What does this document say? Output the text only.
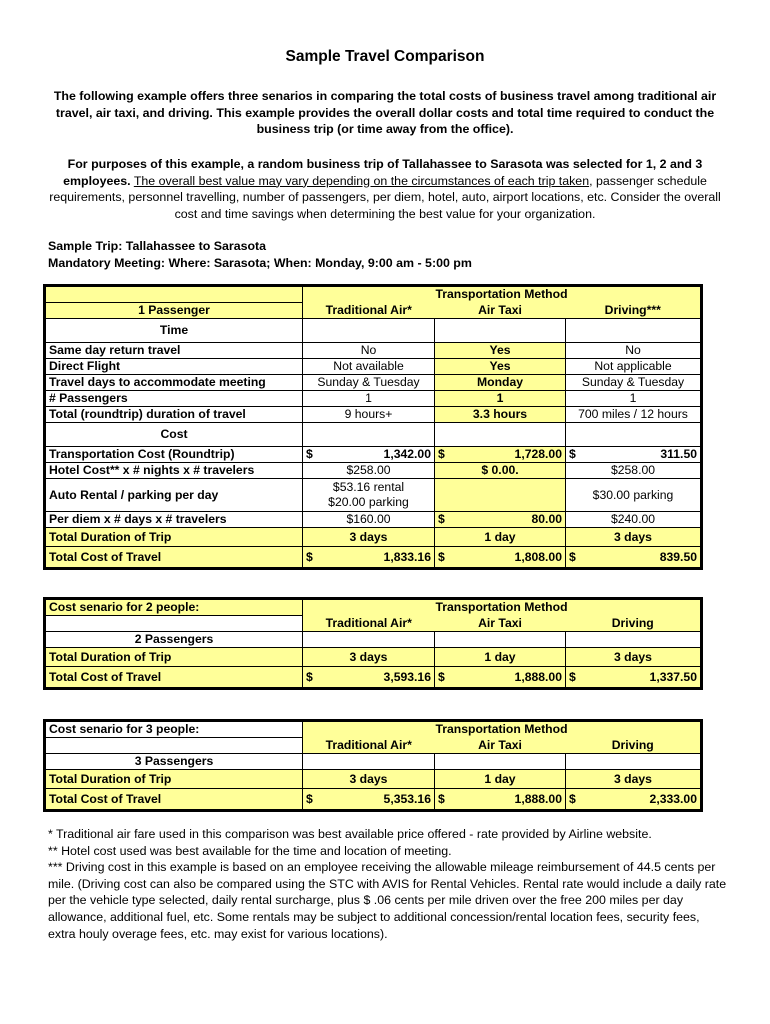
Sample Travel Comparison

The following example offers three senarios in comparing the total costs of business travel among traditional air travel, air taxi, and driving. This example provides the overall dollar costs and total time required to conduct the business trip (or time away from the office).

For purposes of this example, a random business trip of Tallahassee to Sarasota was selected for 1, 2 and 3 employees. The overall best value may vary depending on the circumstances of each trip taken, passenger schedule requirements, personnel travelling, number of passengers, per diem, hotel, auto, airport locations, etc. Consider the overall cost and time savings when determining the best value for your organization.

Sample Trip: Tallahassee to Sarasota
Mandatory Meeting: Where: Sarasota; When: Monday, 9:00 am - 5:00 pm
	Transportation Method		
1 Passenger	Traditional Air*	Air Taxi	Driving***
Time			
Same day return travel	No	Yes	No
Direct Flight	Not available	Yes	Not applicable
Travel days to accommodate meeting	Sunday & Tuesday	Monday	Sunday & Tuesday
# Passengers	1	1	1
Total (roundtrip) duration of travel	9 hours+	3.3 hours	700 miles / 12 hours
Cost			
Transportation Cost (Roundtrip)	$ 1,342.00	$ 1,728.00	$ 311.50

Hotel Cost** x # nights x # travelers	$258.00	$ 0.00.	$258.00
Auto Rental / parking per day	$53.16 rental
$20.00 parking		$30.00 parking
Per diem x # days x # travelers	$160.00	$ 80.00	$240.00
Total Duration of Trip	3 days	1 day	3 days
Total Cost of Travel	$ 1,833.16	$ 1,808.00	$ 839.50
Cost senario for 2 people:	Transportation Method		
	Traditional Air*	Air Taxi	Driving
2 Passengers			
Total Duration of Trip	3 days	1 day	3 days
Total Cost of Travel	$ 3,593.16	$ 1,888.00	$ 1,337.50
Cost senario for 3 people:	Transportation Method		
	Traditional Air*	Air Taxi	Driving
3 Passengers			
Total Duration of Trip	3 days	1 day	3 days
Total Cost of Travel	$ 5,353.16	$ 1,888.00	$ 2,333.00

* Traditional air fare used in this comparison was best available price offered - rate provided by Airline website.

** Hotel cost used was best available for the time and location of meeting.

*** Driving cost in this example is based on an employee receiving the allowable mileage reimbursement of 44.5 cents per mile. (Driving cost can also be compared using the STC with AVIS for Rental Vehicles. Rental rate would include a daily rate per the vehicle type selected, daily rental surcharge, plus $ .06 cents per mile driven over the free 200 miles per day allowance, additional fuel, etc. Some rentals may be subject to additional concession/rental location fees, security fees, extra houly overage fees, etc. may exist for various locations).
